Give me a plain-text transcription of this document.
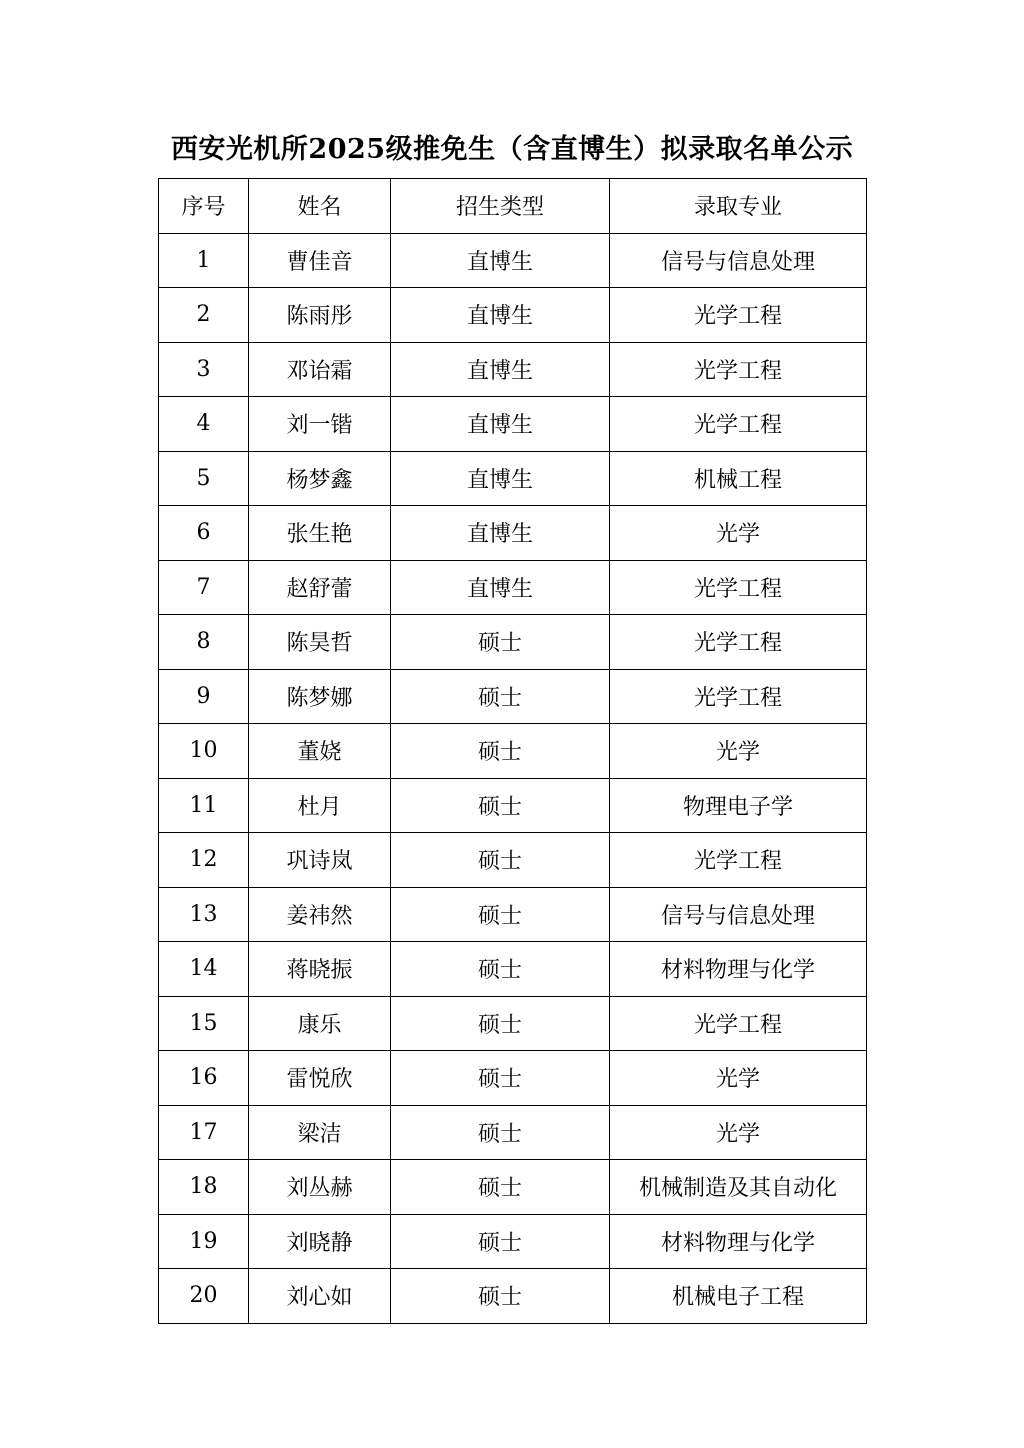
西安光机所2025级推免生（含直博生）拟录取名单公示
序号	姓名	招生类型	录取专业
1	曹佳音	直博生	信号与信息处理
2	陈雨彤	直博生	光学工程
3	邓诒霜	直博生	光学工程
4	刘一锴	直博生	光学工程
5	杨梦鑫	直博生	机械工程
6	张生艳	直博生	光学
7	赵舒蕾	直博生	光学工程
8	陈昊哲	硕士	光学工程
9	陈梦娜	硕士	光学工程
10	董娆	硕士	光学
11	杜月	硕士	物理电子学
12	巩诗岚	硕士	光学工程
13	姜祎然	硕士	信号与信息处理
14	蒋晓振	硕士	材料物理与化学
15	康乐	硕士	光学工程
16	雷悦欣	硕士	光学
17	梁洁	硕士	光学
18	刘丛赫	硕士	机械制造及其自动化
19	刘晓静	硕士	材料物理与化学
20	刘心如	硕士	机械电子工程
